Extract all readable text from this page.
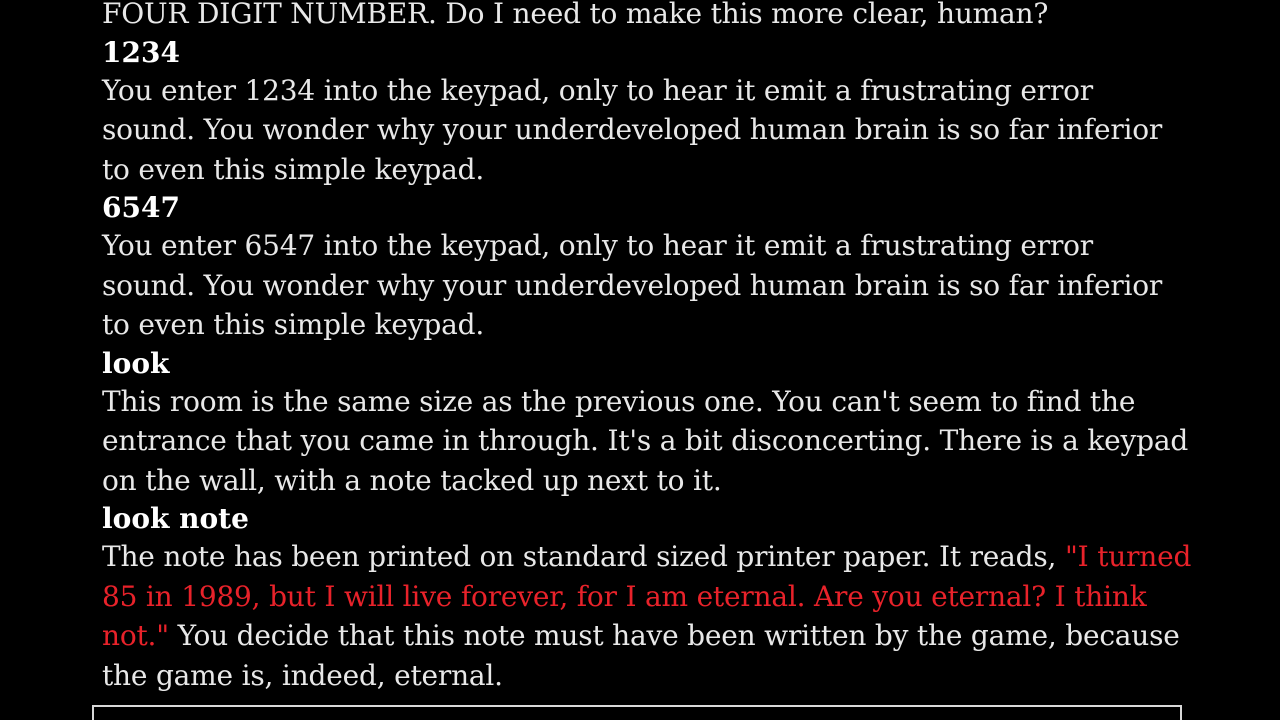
FOUR DIGIT NUMBER. Do I need to make this more clear, human?

1234

You enter 1234 into the keypad, only to hear it emit a frustrating error sound. You wonder why your underdeveloped human brain is so far inferior to even this simple keypad.

6547

You enter 6547 into the keypad, only to hear it emit a frustrating error sound. You wonder why your underdeveloped human brain is so far inferior to even this simple keypad.

look

This room is the same size as the previous one. You can't seem to find the entrance that you came in through. It's a bit disconcerting. There is a keypad on the wall, with a note tacked up next to it.

look note

The note has been printed on standard sized printer paper. It reads, "I turned 85 in 1989, but I will live forever, for I am eternal. Are you eternal? I think not." You decide that this note must have been written by the game, because the game is, indeed, eternal.
